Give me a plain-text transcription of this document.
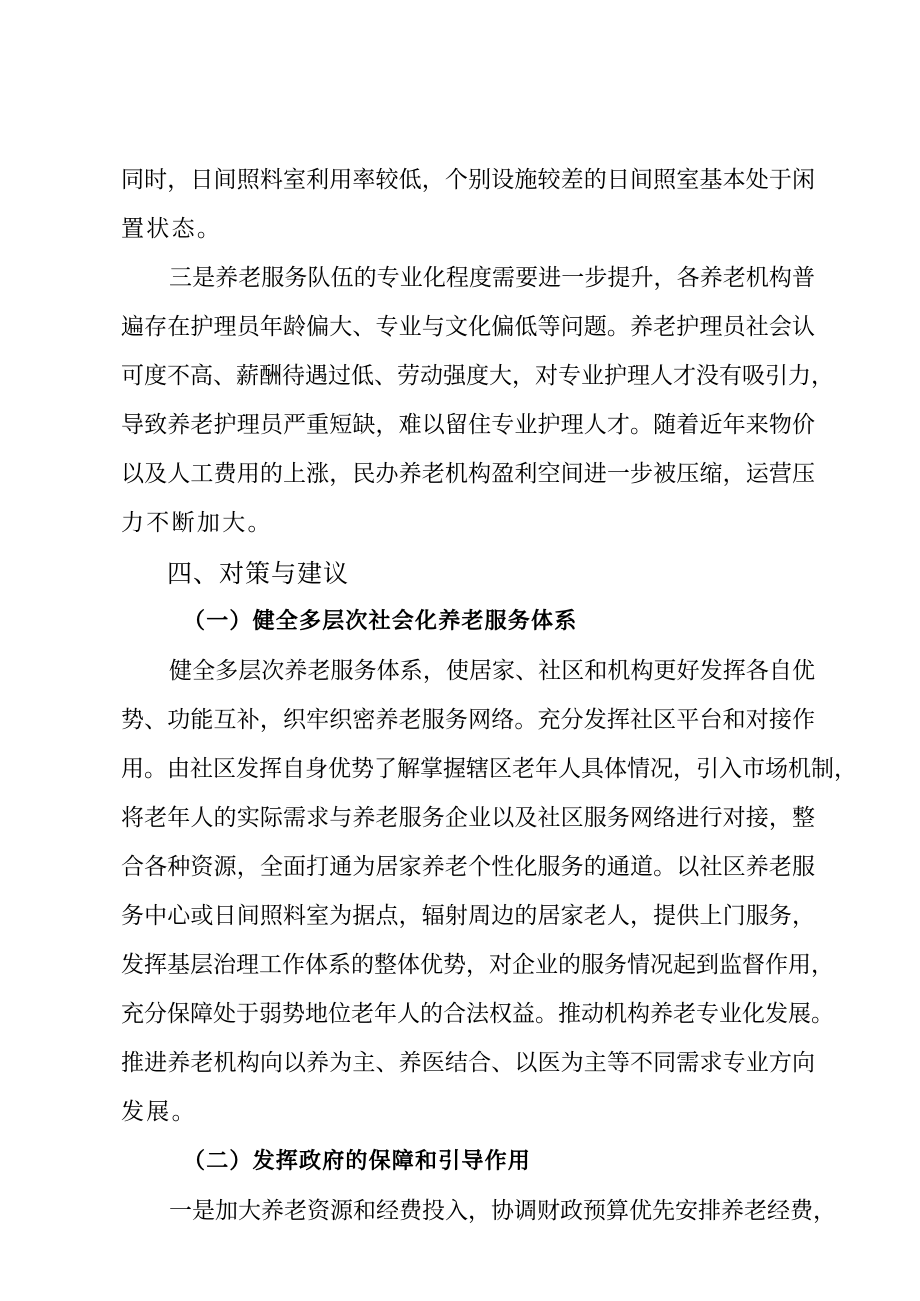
同时，日间照料室利用率较低，个别设施较差的日间照室基本处于闲
置状态。
三是养老服务队伍的专业化程度需要进一步提升，各养老机构普
遍存在护理员年龄偏大、专业与文化偏低等问题。养老护理员社会认
可度不高、薪酬待遇过低、劳动强度大，对专业护理人才没有吸引力，
导致养老护理员严重短缺，难以留住专业护理人才。随着近年来物价
以及人工费用的上涨，民办养老机构盈利空间进一步被压缩，运营压
力不断加大。
四、对策与建议
（一）健全多层次社会化养老服务体系
健全多层次养老服务体系，使居家、社区和机构更好发挥各自优
势、功能互补，织牢织密养老服务网络。充分发挥社区平台和对接作
用。由社区发挥自身优势了解掌握辖区老年人具体情况，引入市场机制，
将老年人的实际需求与养老服务企业以及社区服务网络进行对接，整
合各种资源，全面打通为居家养老个性化服务的通道。以社区养老服
务中心或日间照料室为据点，辐射周边的居家老人，提供上门服务，
发挥基层治理工作体系的整体优势，对企业的服务情况起到监督作用，
充分保障处于弱势地位老年人的合法权益。推动机构养老专业化发展。
推进养老机构向以养为主、养医结合、以医为主等不同需求专业方向
发展。
（二）发挥政府的保障和引导作用
一是加大养老资源和经费投入，协调财政预算优先安排养老经费，
